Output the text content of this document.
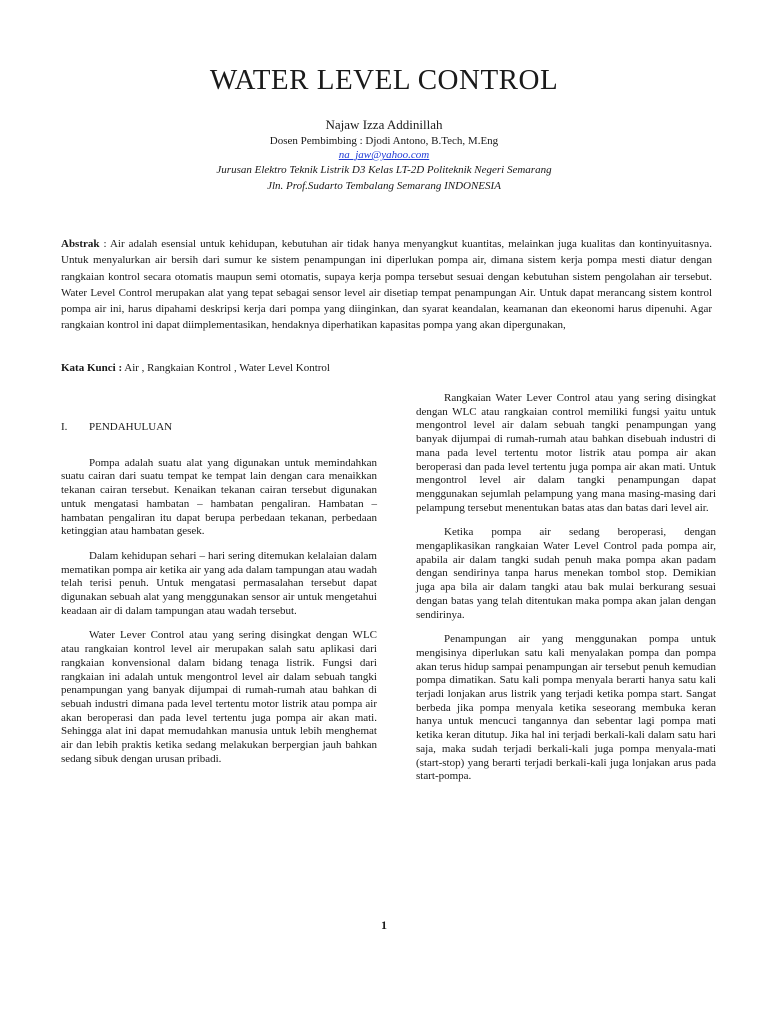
WATER LEVEL CONTROL
Najaw Izza Addinillah
Dosen Pembimbing : Djodi Antono, B.Tech, M.Eng
na_jaw@yahoo.com
Jurusan Elektro Teknik Listrik D3 Kelas LT-2D Politeknik Negeri Semarang
Jln. Prof.Sudarto Tembalang Semarang INDONESIA
Abstrak : Air adalah esensial untuk kehidupan, kebutuhan air tidak hanya menyangkut kuantitas, melainkan juga kualitas dan kontinyuitasnya. Untuk menyalurkan air bersih dari sumur ke sistem penampungan ini diperlukan pompa air, dimana sistem kerja pompa mesti diatur dengan rangkaian kontrol secara otomatis maupun semi otomatis, supaya kerja pompa tersebut sesuai dengan kebutuhan sistem pengolahan air tersebut. Water Level Control merupakan alat yang tepat sebagai sensor level air disetiap tempat penampungan Air. Untuk dapat merancang sistem kontrol pompa air ini, harus dipahami deskripsi kerja dari pompa yang diinginkan, dan syarat keandalan, keamanan dan ekeonomi harus dipenuhi. Agar rangkaian kontrol ini dapat diimplementasikan, hendaknya diperhatikan kapasitas pompa yang akan dipergunakan,
Kata Kunci : Air , Rangkaian Kontrol , Water Level Kontrol
I. PENDAHULUAN

Pompa adalah suatu alat yang digunakan untuk memindahkan suatu cairan dari suatu tempat ke tempat lain dengan cara menaikkan tekanan cairan tersebut. Kenaikan tekanan cairan tersebut digunakan untuk mengatasi hambatan – hambatan pengaliran. Hambatan – hambatan pengaliran itu dapat berupa perbedaan tekanan, perbedaan ketinggian atau hambatan gesek.

Dalam kehidupan sehari – hari sering ditemukan kelalaian dalam mematikan pompa air ketika air yang ada dalam tampungan atau wadah telah terisi penuh. Untuk mengatasi permasalahan tersebut dapat digunakan sebuah alat yang menggunakan sensor air untuk mengetahui keadaan air di dalam tampungan atau wadah tersebut.

Water Lever Control atau yang sering disingkat dengan WLC atau rangkaian kontrol level air merupakan salah satu aplikasi dari rangkaian konvensional dalam bidang tenaga listrik. Fungsi dari rangkaian ini adalah untuk mengontrol level air dalam sebuah tangki penampungan yang banyak dijumpai di rumah-rumah atau bahkan di sebuah industri dimana pada level tertentu motor listrik atau pompa air akan beroperasi dan pada level tertentu juga pompa air akan mati. Sehingga alat ini dapat memudahkan manusia untuk lebih menghemat air dan lebih praktis ketika sedang melakukan berpergian jauh bahkan sedang sibuk dengan urusan pribadi.

Rangkaian Water Lever Control atau yang sering disingkat dengan WLC atau rangkaian control memiliki fungsi yaitu untuk mengontrol level air dalam sebuah tangki penampungan yang banyak dijumpai di rumah-rumah atau bahkan disebuah industri di mana pada level tertentu motor listrik atau pompa air akan beroperasi dan pada level tertentu juga pompa air akan mati. Untuk mengontrol level air dalam tangki penampungan dapat menggunakan sejumlah pelampung yang mana masing-masing dari pelampung tersebut menentukan batas atas dan batas dari level air.

Ketika pompa air sedang beroperasi, dengan mengaplikasikan rangkaian Water Level Control pada pompa air, apabila air dalam tangki sudah penuh maka pompa akan padam dengan sendirinya tanpa harus menekan tombol stop. Demikian juga apa bila air dalam tangki atau bak mulai berkurang sesuai dengan batas yang telah ditentukan maka pompa akan jalan dengan sendirinya.

Penampungan air yang menggunakan pompa untuk mengisinya diperlukan satu kali menyalakan pompa dan pompa akan terus hidup sampai penampungan air tersebut penuh kemudian pompa dimatikan. Satu kali pompa menyala berarti hanya satu kali terjadi lonjakan arus listrik yang terjadi ketika pompa start. Sangat berbeda jika pompa menyala ketika seseorang membuka keran hanya untuk mencuci tangannya dan sebentar lagi pompa mati ketika keran ditutup. Jika hal ini terjadi berkali-kali dalam satu hari saja, maka sudah terjadi berkali-kali juga pompa menyala-mati (start-stop) yang berarti terjadi berkali-kali juga lonjakan arus pada start-pompa.

1
